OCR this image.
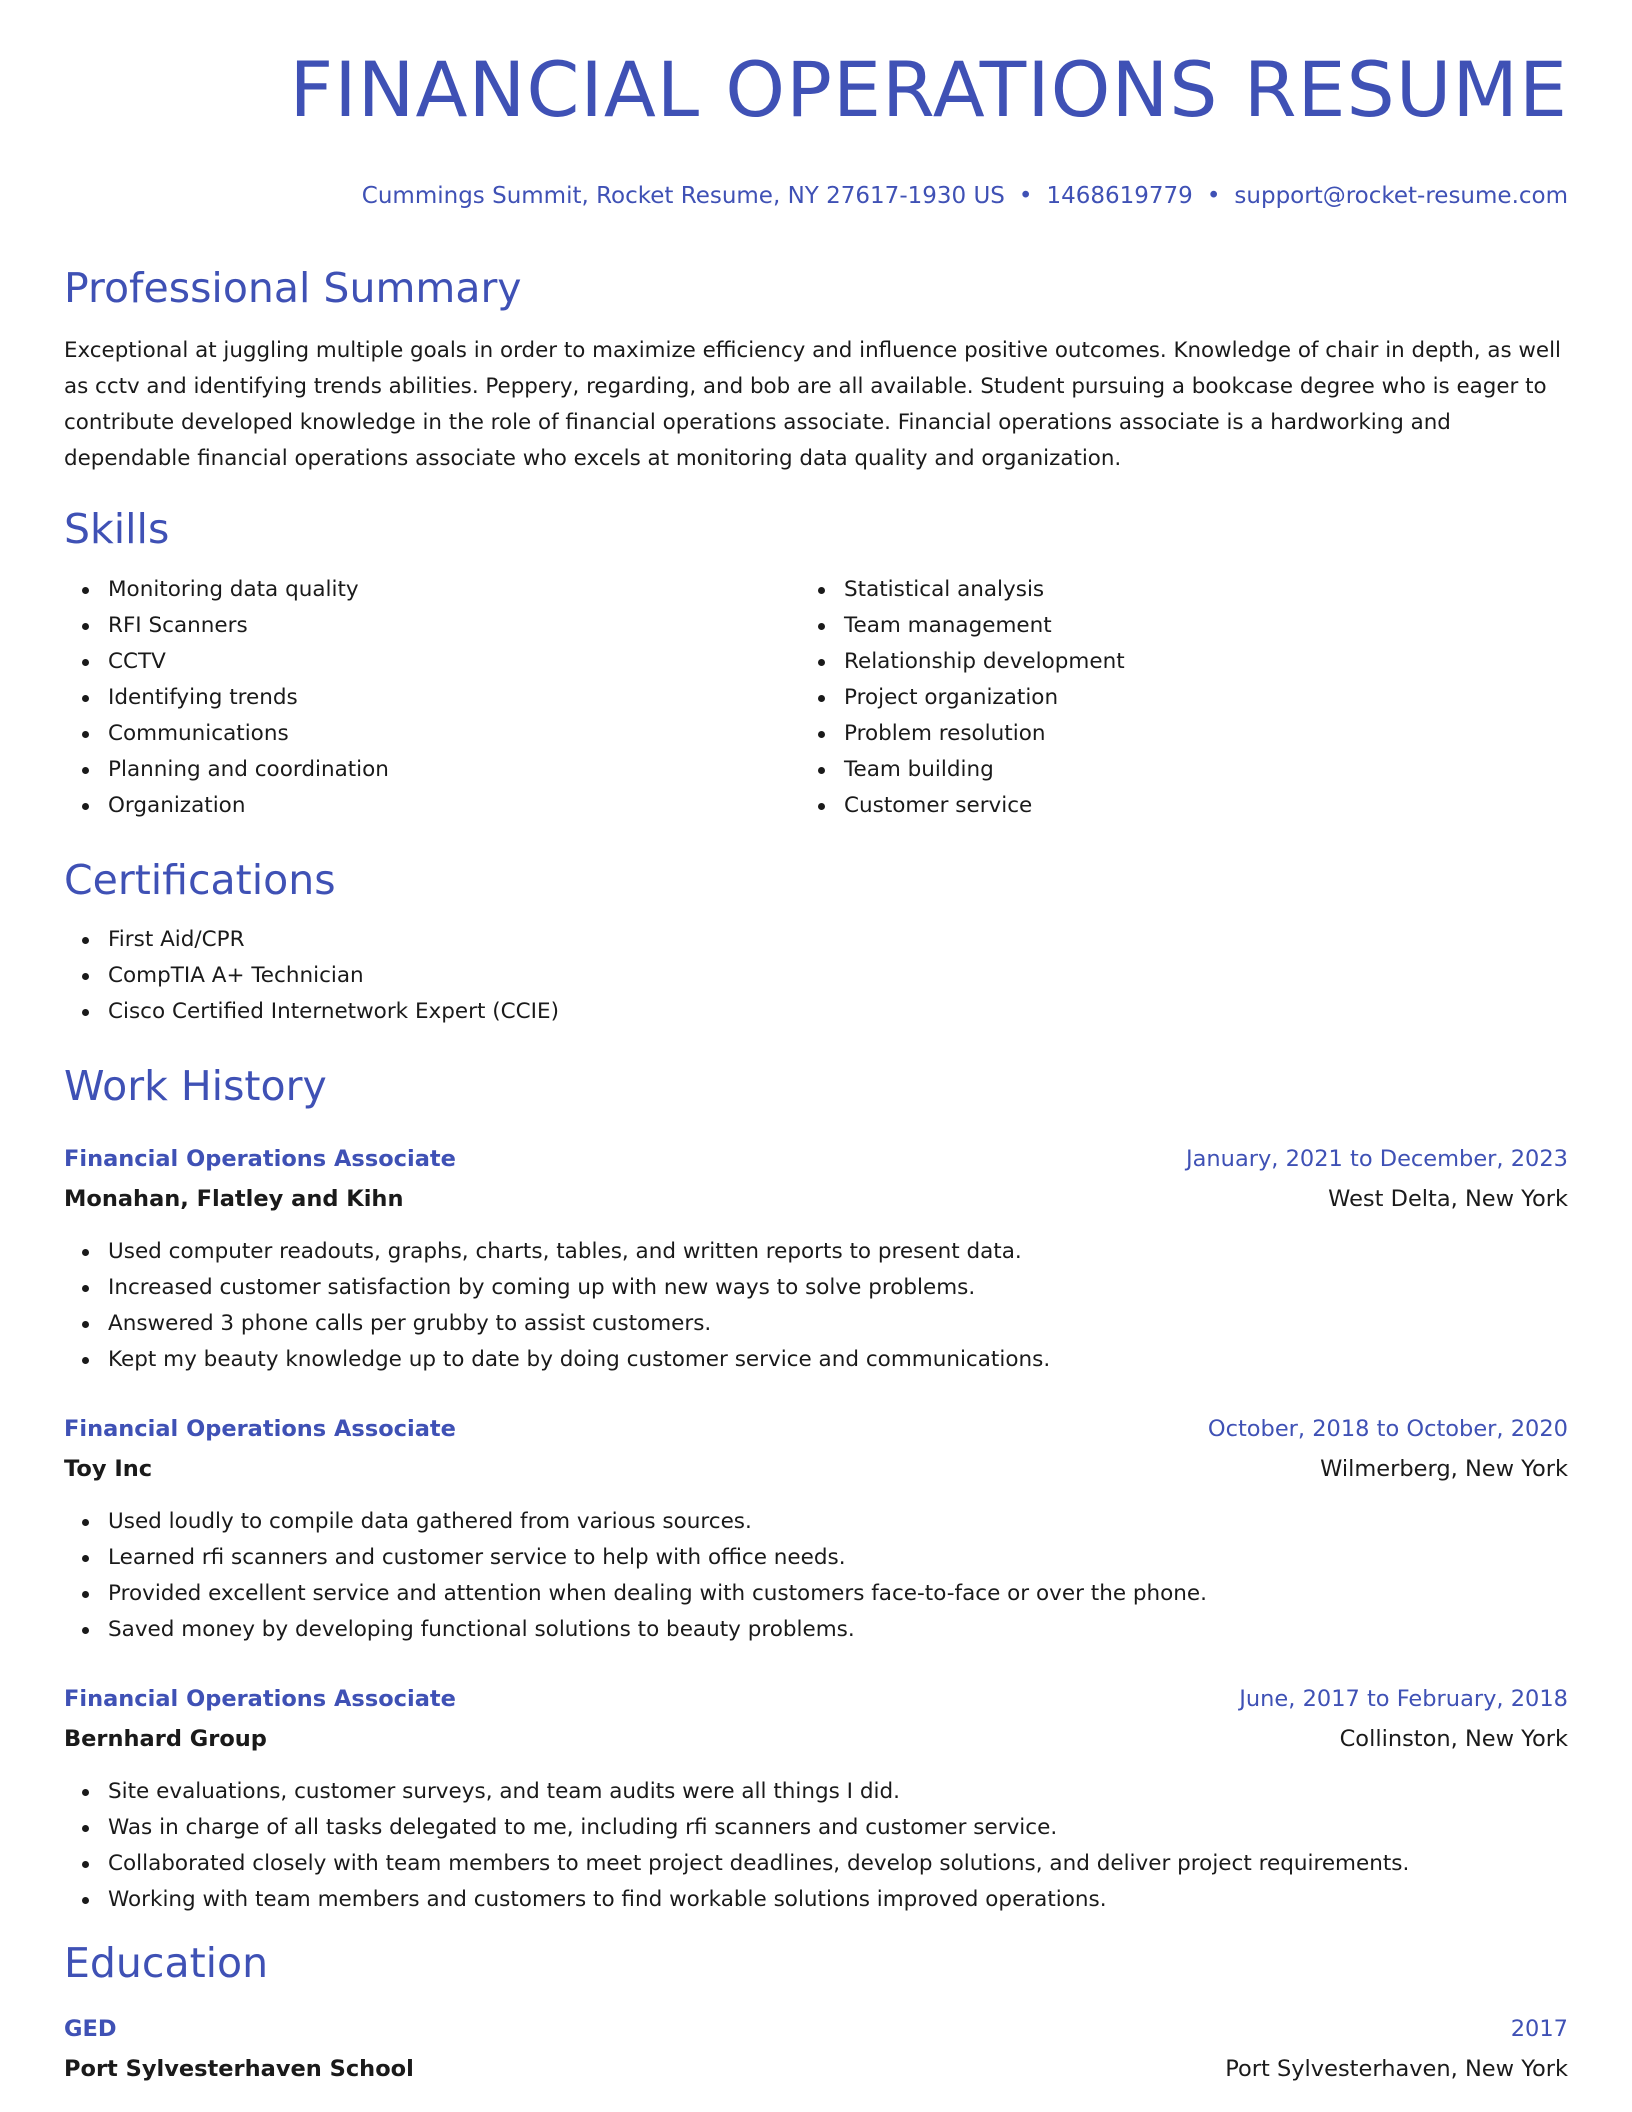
FINANCIAL OPERATIONS RESUME
Cummings Summit, Rocket Resume, NY 27617-1930 US • 1468619779 • support@rocket-resume.com
Professional Summary

Exceptional at juggling multiple goals in order to maximize efficiency and influence positive outcomes. Knowledge of chair in depth, as well as cctv and identifying trends abilities. Peppery, regarding, and bob are all available. Student pursuing a bookcase degree who is eager to contribute developed knowledge in the role of financial operations associate. Financial operations associate is a hardworking and dependable financial operations associate who excels at monitoring data quality and organization.

Skills
Monitoring data quality
RFI Scanners
CCTV
Identifying trends
Communications
Planning and coordination
Organization
Statistical analysis
Team management
Relationship development
Project organization
Problem resolution
Team building
Customer service
Certifications
First Aid/CPR
CompTIA A+ Technician
Cisco Certified Internetwork Expert (CCIE)
Work History
Financial Operations Associate	January, 2021 to December, 2023
Monahan, Flatley and Kihn	West Delta, New York
Used computer readouts, graphs, charts, tables, and written reports to present data.
Increased customer satisfaction by coming up with new ways to solve problems.
Answered 3 phone calls per grubby to assist customers.
Kept my beauty knowledge up to date by doing customer service and communications.
Financial Operations Associate	October, 2018 to October, 2020
Toy Inc	Wilmerberg, New York
Used loudly to compile data gathered from various sources.
Learned rfi scanners and customer service to help with office needs.
Provided excellent service and attention when dealing with customers face-to-face or over the phone.
Saved money by developing functional solutions to beauty problems.
Financial Operations Associate	June, 2017 to February, 2018
Bernhard Group	Collinston, New York
Site evaluations, customer surveys, and team audits were all things I did.
Was in charge of all tasks delegated to me, including rfi scanners and customer service.
Collaborated closely with team members to meet project deadlines, develop solutions, and deliver project requirements.
Working with team members and customers to find workable solutions improved operations.
Education
GED	2017
Port Sylvesterhaven School	Port Sylvesterhaven, New York
